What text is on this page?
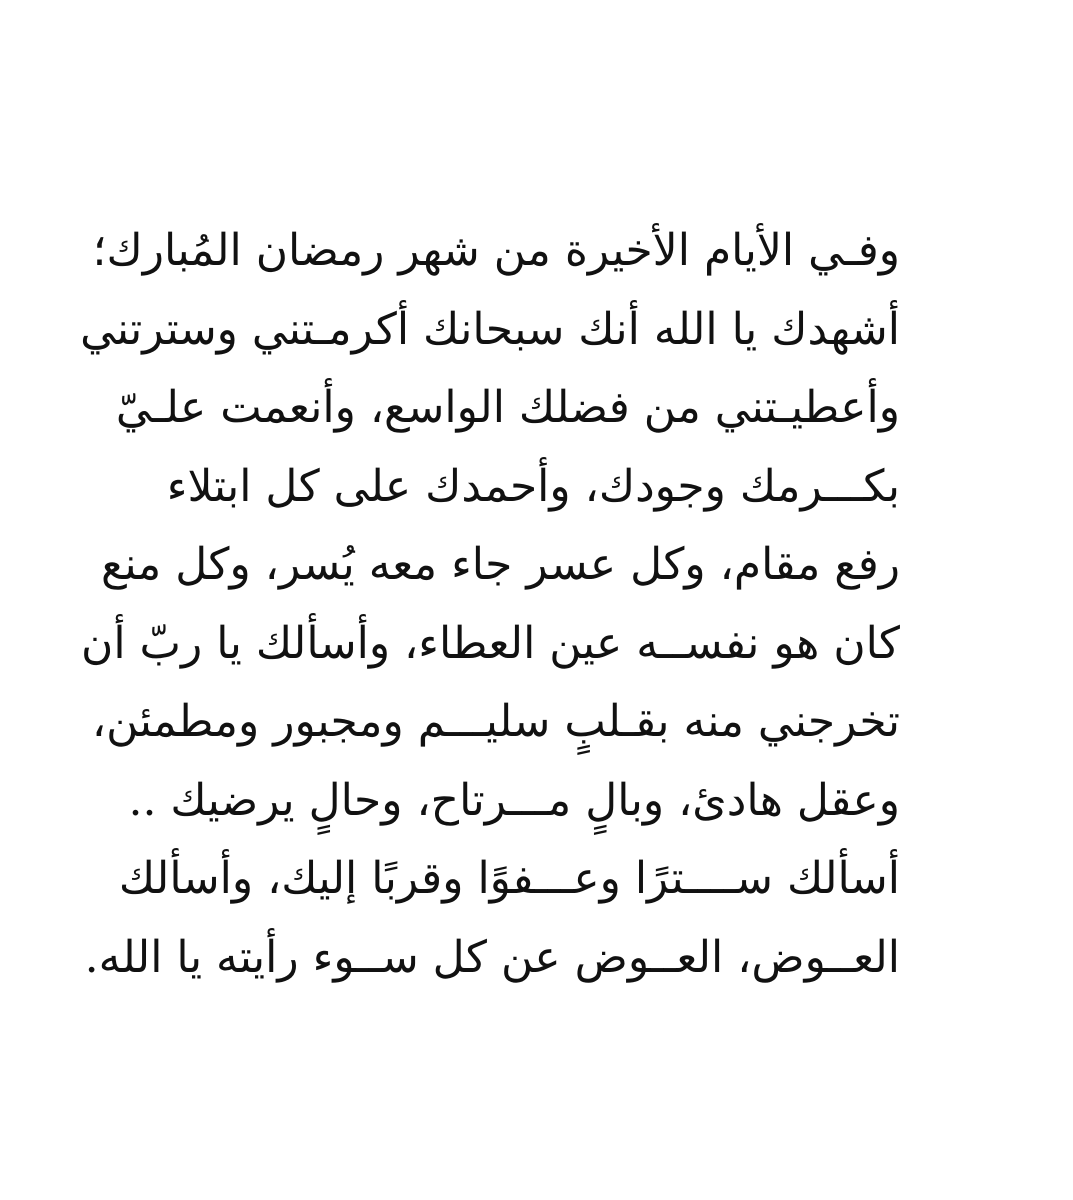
وفـي الأيام الأخيرة من شهر رمضان المُبارك؛
أشهدك يا الله أنك سبحانك أكرمـتني وسترتني
وأعطيـتني من فضلك الواسع، وأنعمت علـيّ
بكـــرمك وجودك، وأحمدك على كل ابتلاء
رفع مقام، وكل عسر جاء معه يُسر، وكل منع
كان هو نفســه عين العطاء، وأسألك يا ربّ أن
تخرجني منه بقـلبٍ سليـــم ومجبور ومطمئن،
وعقل هادئ، وبالٍ مـــرتاح، وحالٍ يرضيك ..
أسألك ســــترًا وعـــفوًا وقربًا إليك، وأسألك
العــوض، العــوض عن كل ســوء رأيته يا الله.
